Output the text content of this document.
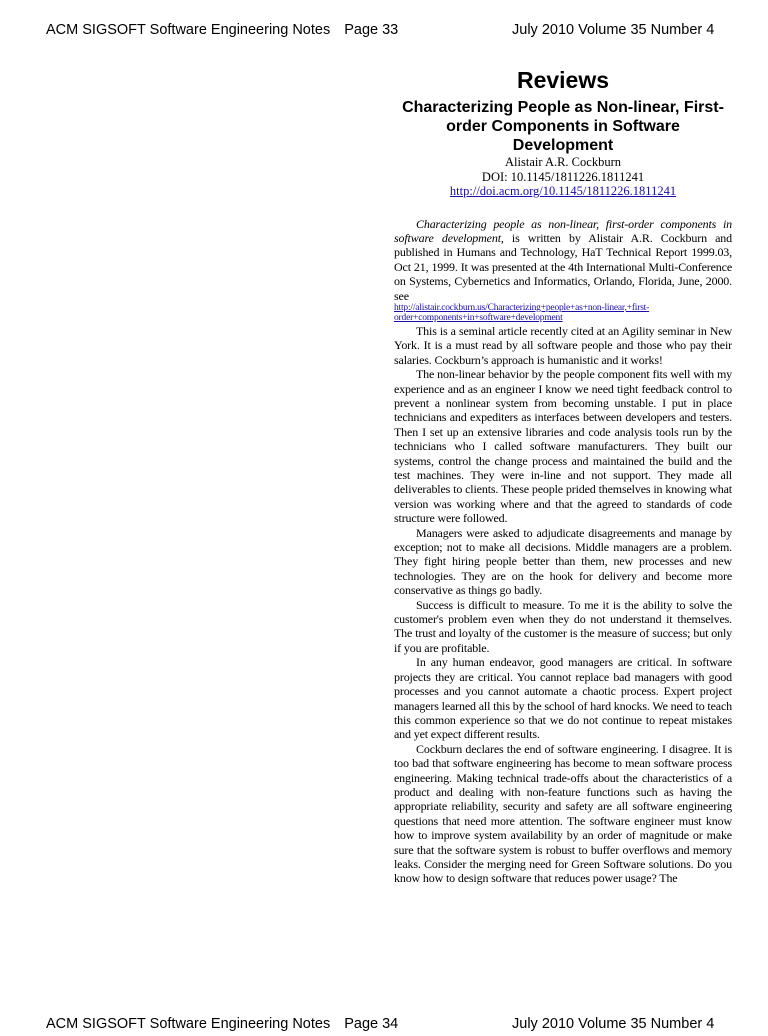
ACM SIGSOFT Software Engineering Notes Page 33	July 2010 Volume 35 Number 4
Reviews
Characterizing People as Non-linear, First-order Components in Software Development
Alistair A.R. Cockburn
DOI: 10.1145/1811226.1811241
http://doi.acm.org/10.1145/1811226.1811241

Characterizing people as non-linear, first-order components in software development, is written by Alistair A.R. Cockburn and published in Humans and Technology, HaT Technical Report 1999.03, Oct 21, 1999. It was presented at the 4th International Multi-Conference on Systems, Cybernetics and Informatics, Orlando, Florida, June, 2000. see
http://alistair.cockburn.us/Characterizing+people+as+non-linear,+first-order+components+in+software+development

This is a seminal article recently cited at an Agility seminar in New York. It is a must read by all software people and those who pay their salaries. Cockburn’s approach is humanistic and it works!

The non-linear behavior by the people component fits well with my experience and as an engineer I know we need tight feedback control to prevent a nonlinear system from becoming unstable. I put in place technicians and expediters as interfaces between developers and testers. Then I set up an extensive libraries and code analysis tools run by the technicians who I called software manufacturers. They built our systems, control the change process and maintained the build and the test machines. They were in-line and not support. They made all deliverables to clients. These people prided themselves in knowing what version was working where and that the agreed to standards of code structure were followed.

Managers were asked to adjudicate disagreements and manage by exception; not to make all decisions. Middle managers are a problem. They fight hiring people better than them, new processes and new technologies. They are on the hook for delivery and become more conservative as things go badly.

Success is difficult to measure. To me it is the ability to solve the customer's problem even when they do not understand it themselves. The trust and loyalty of the customer is the measure of success; but only if you are profitable.

In any human endeavor, good managers are critical. In software projects they are critical. You cannot replace bad managers with good processes and you cannot automate a chaotic process. Expert project managers learned all this by the school of hard knocks. We need to teach this common experience so that we do not continue to repeat mistakes and yet expect different results.

Cockburn declares the end of software engineering. I disagree. It is too bad that software engineering has become to mean software process engineering. Making technical trade-offs about the characteristics of a product and dealing with non-feature functions such as having the appropriate reliability, security and safety are all software engineering questions that need more attention. The software engineer must know how to improve system availability by an order of magnitude or make sure that the software system is robust to buffer overflows and memory leaks. Consider the merging need for Green Software solutions. Do you know how to design software that reduces power usage? The

ACM SIGSOFT Software Engineering Notes Page 34	July 2010 Volume 35 Number 4
